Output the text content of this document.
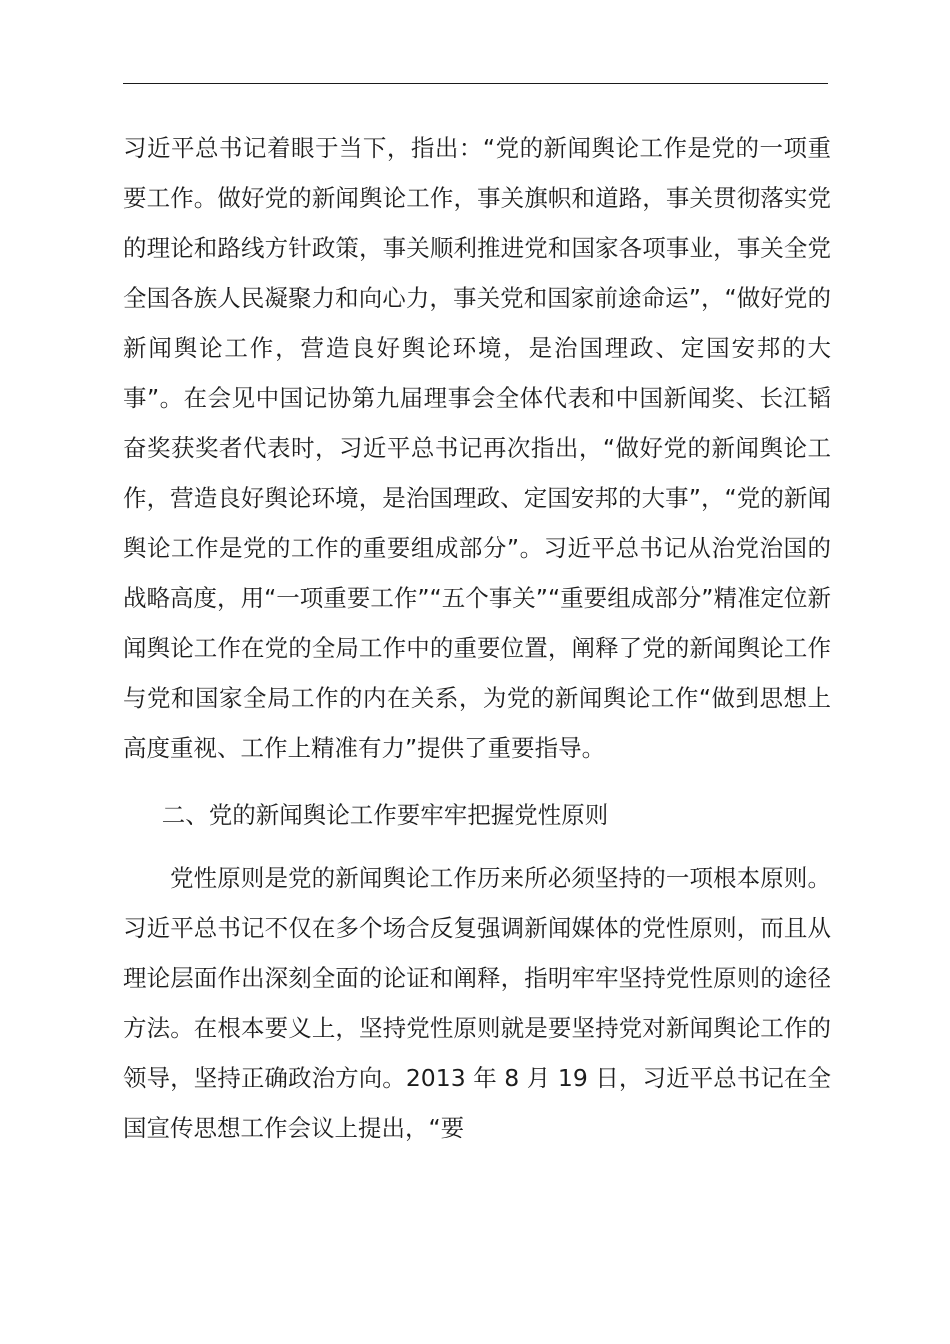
习近平总书记着眼于当下，指出：“党的新闻舆论工作是党的一项重要工作。做好党的新闻舆论工作，事关旗帜和道路，事关贯彻落实党的理论和路线方针政策，事关顺利推进党和国家各项事业，事关全党全国各族人民凝聚力和向心力，事关党和国家前途命运”，“做好党的新闻舆论工作，营造良好舆论环境，是治国理政、定国安邦的大事”。在会见中国记协第九届理事会全体代表和中国新闻奖、长江韬奋奖获奖者代表时，习近平总书记再次指出，“做好党的新闻舆论工作，营造良好舆论环境，是治国理政、定国安邦的大事”，“党的新闻舆论工作是党的工作的重要组成部分”。习近平总书记从治党治国的战略高度，用“一项重要工作”“五个事关”“重要组成部分”精准定位新闻舆论工作在党的全局工作中的重要位置，阐释了党的新闻舆论工作与党和国家全局工作的内在关系，为党的新闻舆论工作“做到思想上高度重视、工作上精准有力”提供了重要指导。

二、党的新闻舆论工作要牢牢把握党性原则

党性原则是党的新闻舆论工作历来所必须坚持的一项根本原则。习近平总书记不仅在多个场合反复强调新闻媒体的党性原则，而且从理论层面作出深刻全面的论证和阐释，指明牢牢坚持党性原则的途径方法。在根本要义上，坚持党性原则就是要坚持党对新闻舆论工作的领导，坚持正确政治方向。2013 年 8 月 19 日，习近平总书记在全国宣传思想工作会议上提出，“要
